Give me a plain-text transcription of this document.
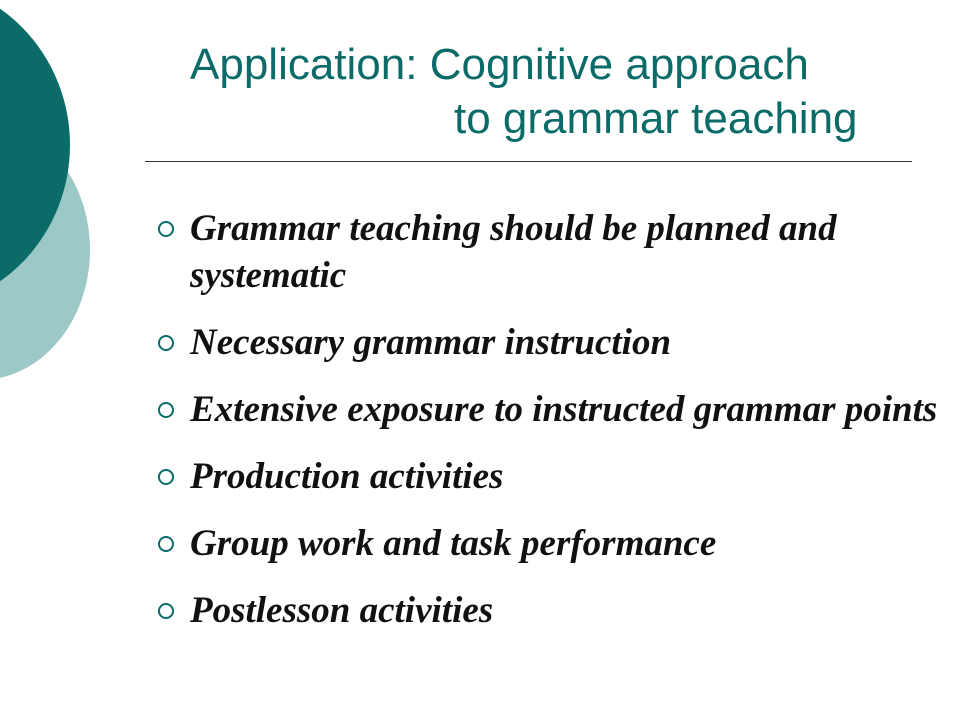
Application: Cognitive approach
to grammar teaching
Grammar teaching should be planned and systematic
Necessary grammar instruction
Extensive exposure to instructed grammar points
Production activities
Group work and task performance
Postlesson activities
